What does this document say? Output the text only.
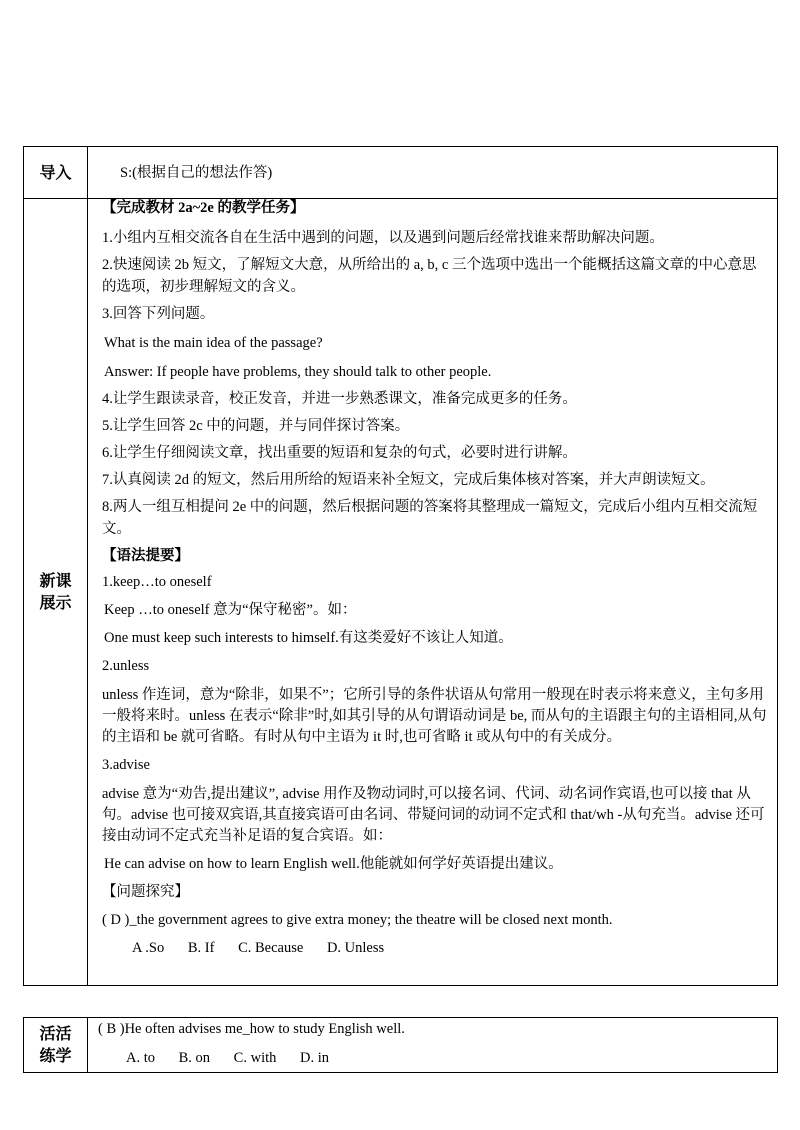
导入	S:(根据自己的想法作答)

新课
展示

【完成教材 2a~2e 的教学任务】

1.小组内互相交流各自在生活中遇到的问题，以及遇到问题后经常找谁来帮助解决问题。

2.快速阅读 2b 短文，了解短文大意，从所给出的 a, b, c 三个选项中选出一个能概括这篇文章的中心意思的选项，初步理解短文的含义。

3.回答下列问题。

What is the main idea of the passage?

Answer: If people have problems, they should talk to other people.

4.让学生跟读录音，校正发音，并进一步熟悉课文，准备完成更多的任务。

5.让学生回答 2c 中的问题，并与同伴探讨答案。

6.让学生仔细阅读文章，找出重要的短语和复杂的句式，必要时进行讲解。

7.认真阅读 2d 的短文，然后用所给的短语来补全短文，完成后集体核对答案，并大声朗读短文。

8.两人一组互相提问 2e 中的问题，然后根据问题的答案将其整理成一篇短文，完成后小组内互相交流短文。

【语法提要】

1.keep…to oneself

Keep …to oneself 意为“保守秘密”。如：

One must keep such interests to himself.有这类爱好不该让人知道。

2.unless

unless 作连词，意为“除非，如果不”；它所引导的条件状语从句常用一般现在时表示将来意义，主句多用一般将来时。unless 在表示“除非”时,如其引导的从句谓语动词是 be, 而从句的主语跟主句的主语相同,从句的主语和 be 就可省略。有时从句中主语为 it 时,也可省略 it 或从句中的有关成分。

3.advise

advise 意为“劝告,提出建议”, advise 用作及物动词时,可以接名词、代词、动名词作宾语,也可以接 that 从句。advise 也可接双宾语,其直接宾语可由名词、带疑问词的动词不定式和 that/wh -从句充当。advise 还可接由动词不定式充当补足语的复合宾语。如：

He can advise on how to learn English well.他能就如何学好英语提出建议。

【问题探究】

( D )_the government agrees to give extra money; the theatre will be closed next month.

A .So B. If C. Because D. Unless

活活
练学

( B )He often advises me_how to study English well.

A. to B. on C. with D. in
